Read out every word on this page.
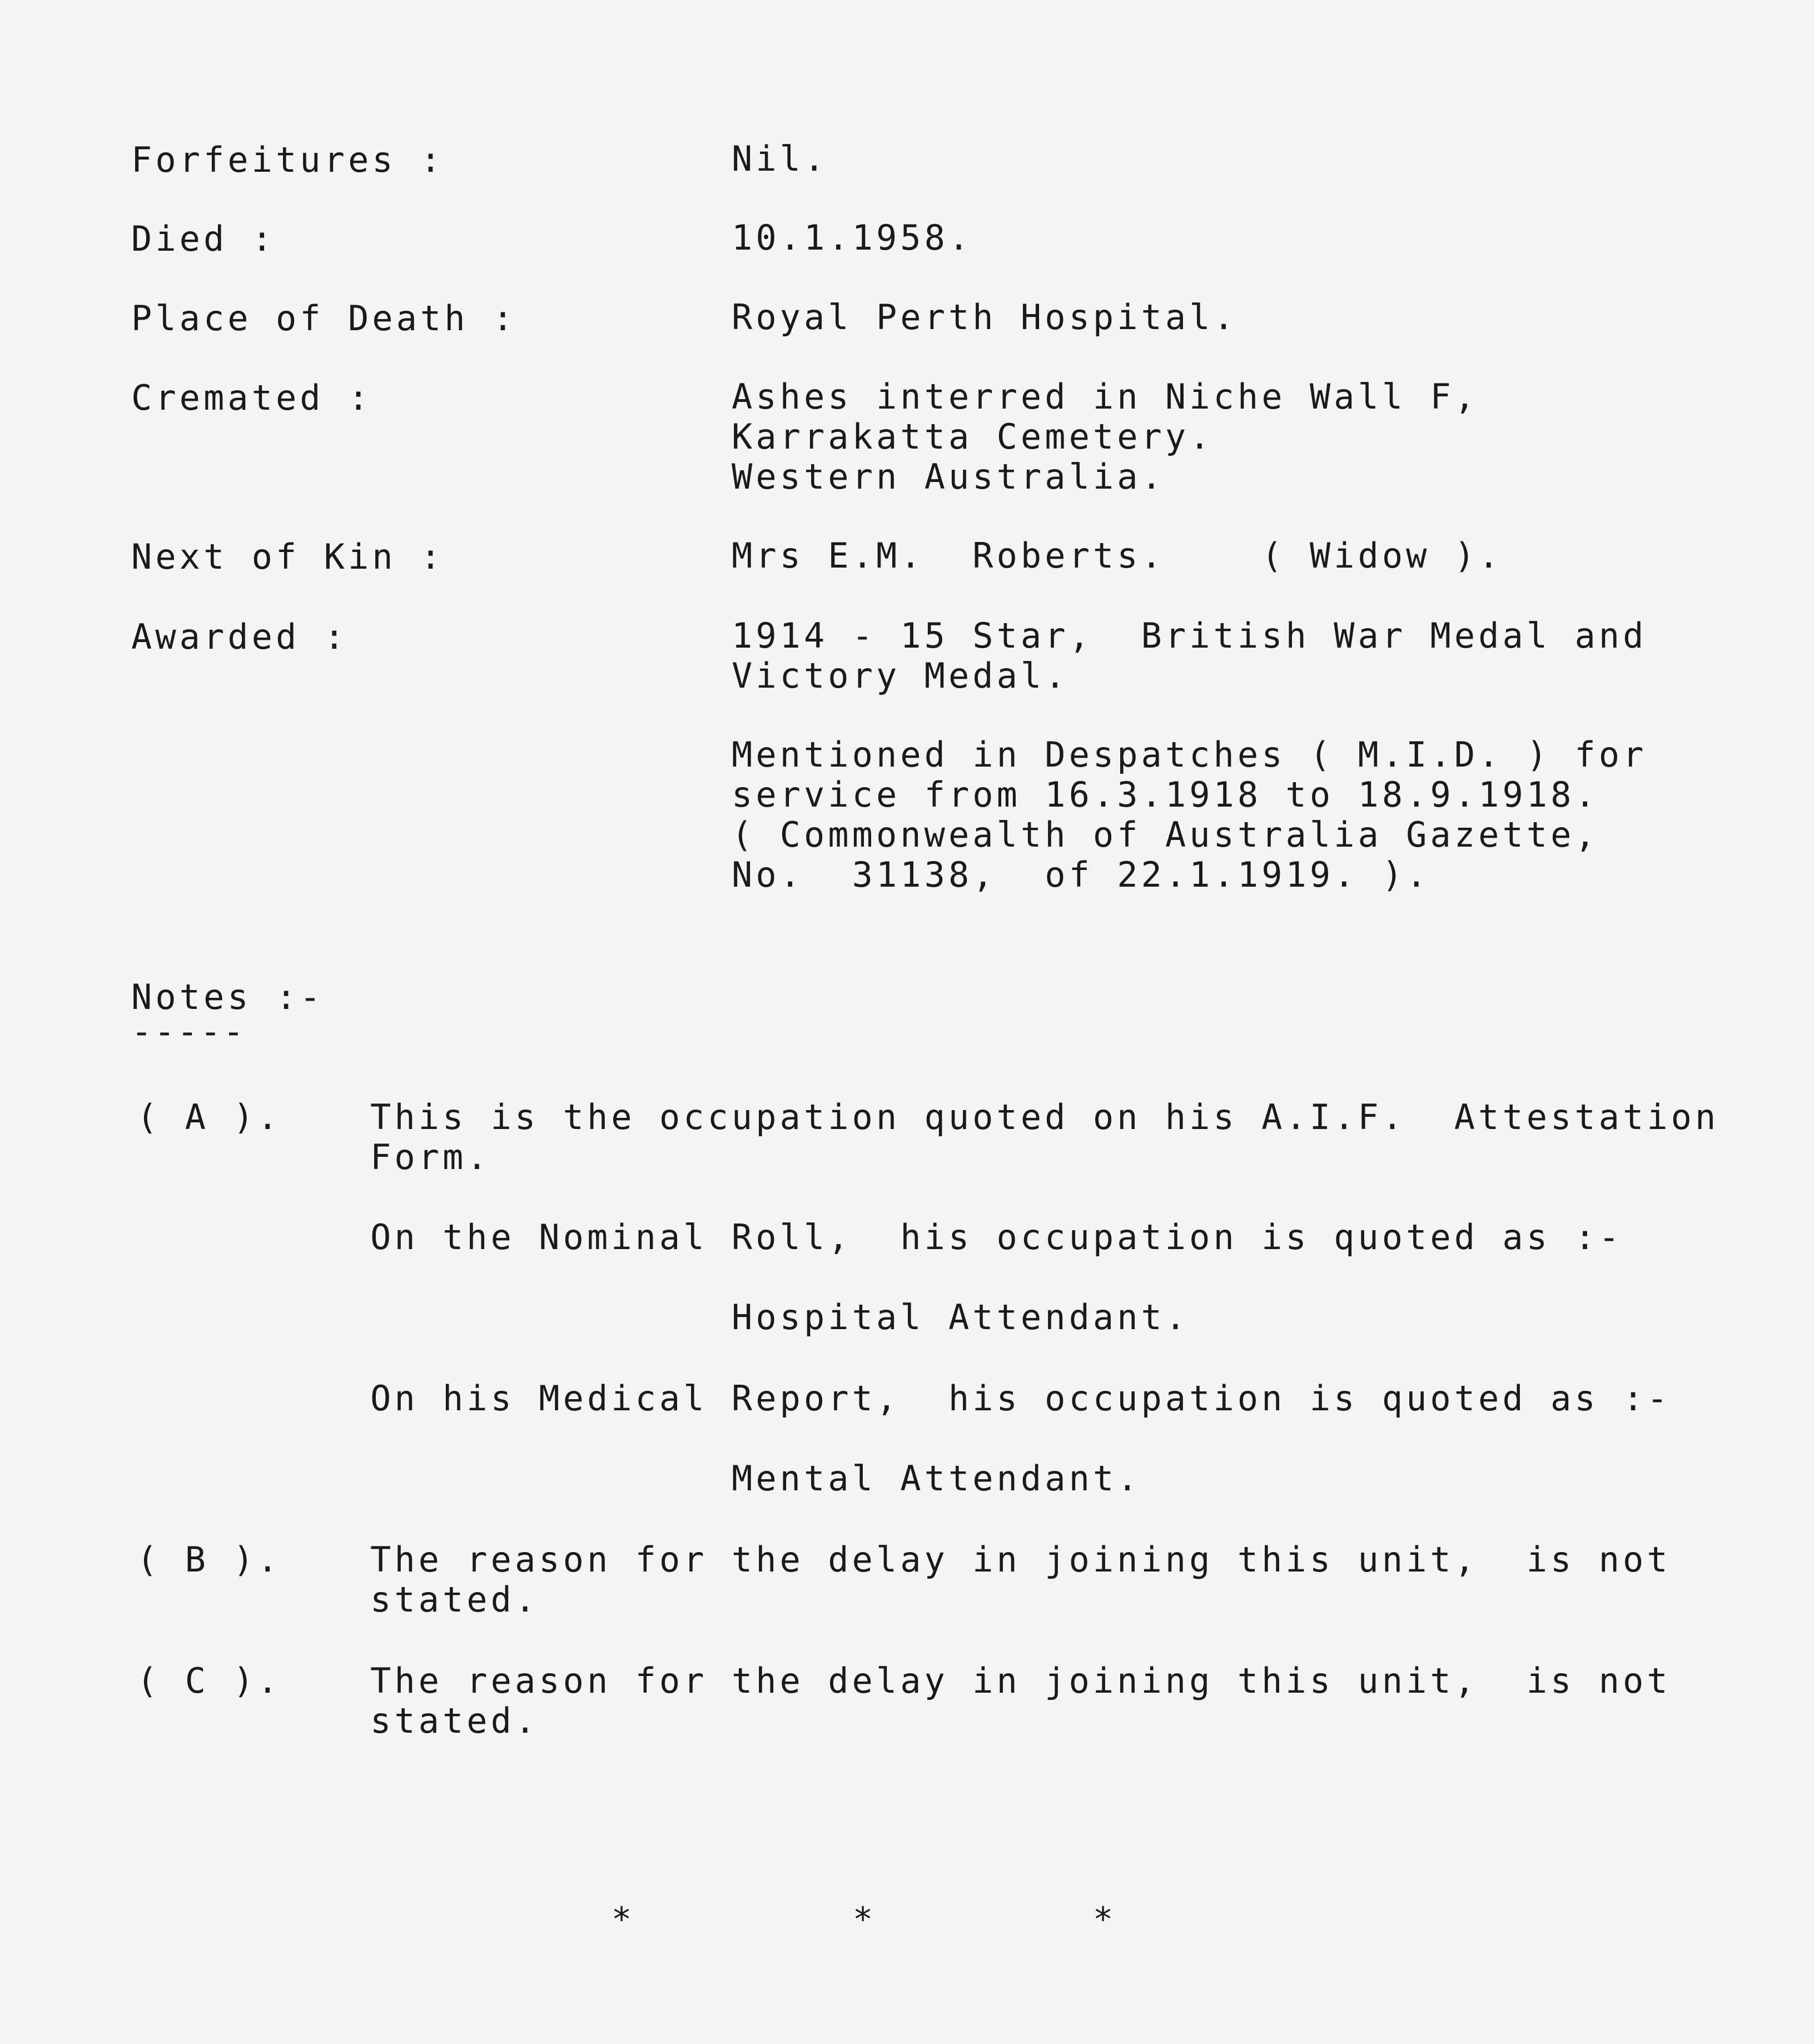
Forfeitures :	Nil.

Died :	10.1.1958.

Place of Death :	Royal Perth Hospital.

Cremated :	Ashes interred in Niche Wall F,

Karrakatta Cemetery.

Western Australia.

Next of Kin :	Mrs E.M.  Roberts.    ( Widow ).

Awarded :	1914 - 15 Star,  British War Medal and

Victory Medal.

Mentioned in Despatches ( M.I.D. ) for

service from 16.3.1918 to 18.9.1918.

( Commonwealth of Australia Gazette,

No.  31138,  of 22.1.1919. ).

Notes :-

-----

( A ).	This is the occupation quoted on his A.I.F.  Attestation

Form.

On the Nominal Roll,  his occupation is quoted as :-

Hospital Attendant.

On his Medical Report,  his occupation is quoted as :-

Mental Attendant.

( B ).	The reason for the delay in joining this unit,  is not

stated.

( C ).	The reason for the delay in joining this unit,  is not

stated.

*	*	*
